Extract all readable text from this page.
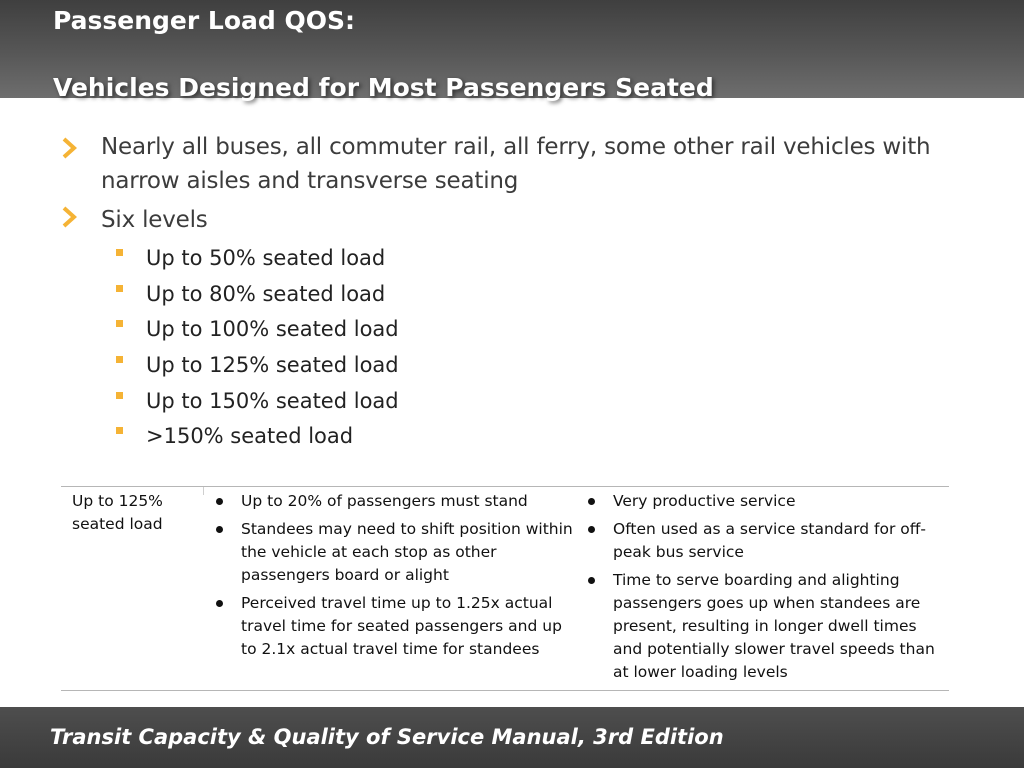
Passenger Load QOS:
Vehicles Designed for Most Passengers Seated
Nearly all buses, all commuter rail, all ferry, some other rail vehicles with narrow aisles and transverse seating
Six levels
Up to 50% seated load
Up to 80% seated load
Up to 100% seated load
Up to 125% seated load
Up to 150% seated load
>150% seated load
Up to 125% seated load
Up to 20% of passengers must stand
Standees may need to shift position within the vehicle at each stop as other passengers board or alight
Perceived travel time up to 1.25x actual travel time for seated passengers and up to 2.1x actual travel time for standees
Very productive service
Often used as a service standard for off-peak bus service
Time to serve boarding and alighting passengers goes up when standees are present, resulting in longer dwell times and potentially slower travel speeds than at lower loading levels
Transit Capacity & Quality of Service Manual, 3rd Edition
